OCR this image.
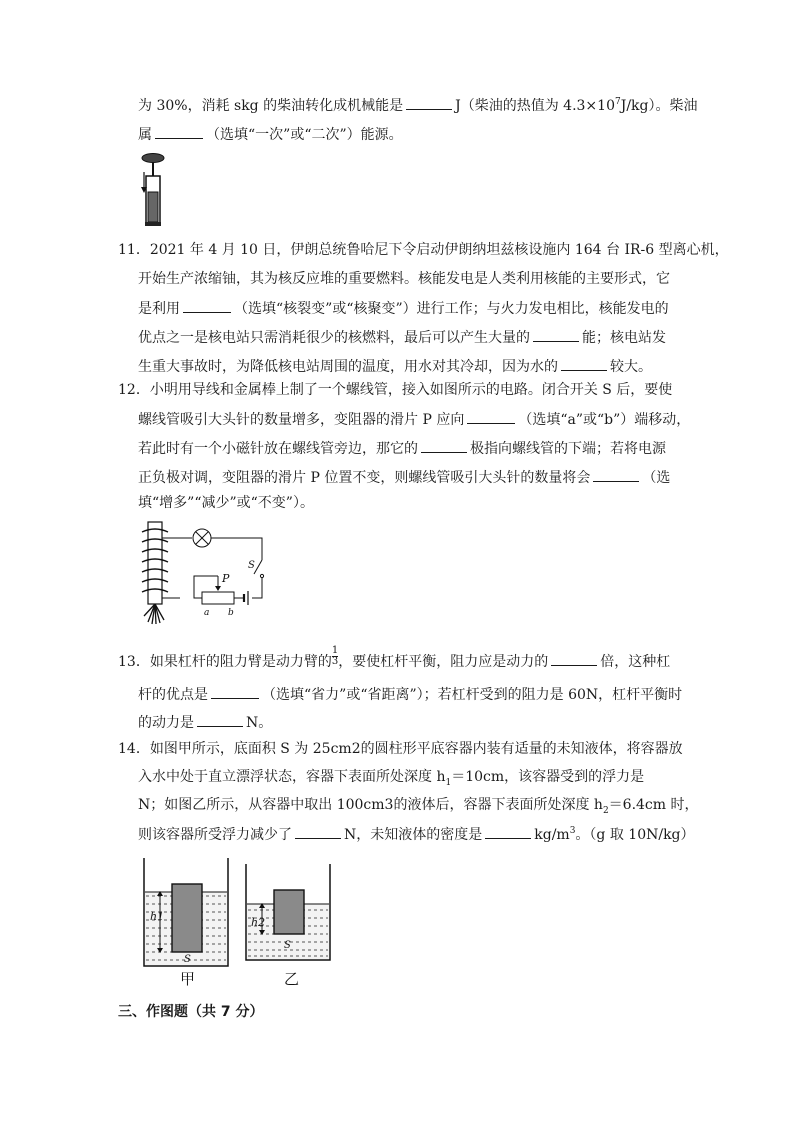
为 30%，消耗 skg 的柴油转化成机械能是	J（柴油的热值为 $4.3\times 10^7J/kg$）。柴油
属	（选填“一次”或“二次”）能源。
11．2021 年 4 月 10 日，伊朗总统鲁哈尼下令启动伊朗纳坦兹核设施内 164 台 IR-6 型离心机，
开始生产浓缩铀，其为核反应堆的重要燃料。核能发电是人类利用核能的主要形式，它
是利用	（选填“核裂变”或“核聚变”）进行工作；与火力发电相比，核能发电的
优点之一是核电站只需消耗很少的核燃料，最后可以产生大量的	能；核电站发
生重大事故时，为降低核电站周围的温度，用水对其冷却，因为水的	较大。
12．小明用导线和金属棒上制了一个螺线管，接入如图所示的电路。闭合开关 S 后，要使
螺线管吸引大头针的数量增多，变阻器的滑片 P 应向	（选填“a”或“b”）端移动，
若此时有一个小磁针放在螺线管旁边，那它的	极指向螺线管的下端；若将电源
正负极对调，变阻器的滑片 P 位置不变，则螺线管吸引大头针的数量将会	（选
填“增多”“减少”或“不变”）。
S
a b
P
13．如果杠杆的阻力臂是动力臂的 $\frac{1}{3}$ ，要使杠杆平衡，阻力应是动力的	倍，这种杠
杆的优点是	（选填“省力”或“省距离”）；若杠杆受到的阻力是 60N，杠杆平衡时
的动力是	N。
14．如图甲所示，底面积 S 为 25cm2的圆柱形平底容器内装有适量的未知液体，将容器放
入水中处于直立漂浮状态，容器下表面所处深度 $h_1=10cm$，该容器受到的浮力是
N；如图乙所示，从容器中取出 100cm3的液体后，容器下表面所处深度 $h_2=6.4cm$ 时，
则该容器所受浮力减少了	N，未知液体的密度是	$kg/m^3$。（g 取 10N/kg）
h1
S
甲
h2
S
乙
三、作图题（共 7 分）
